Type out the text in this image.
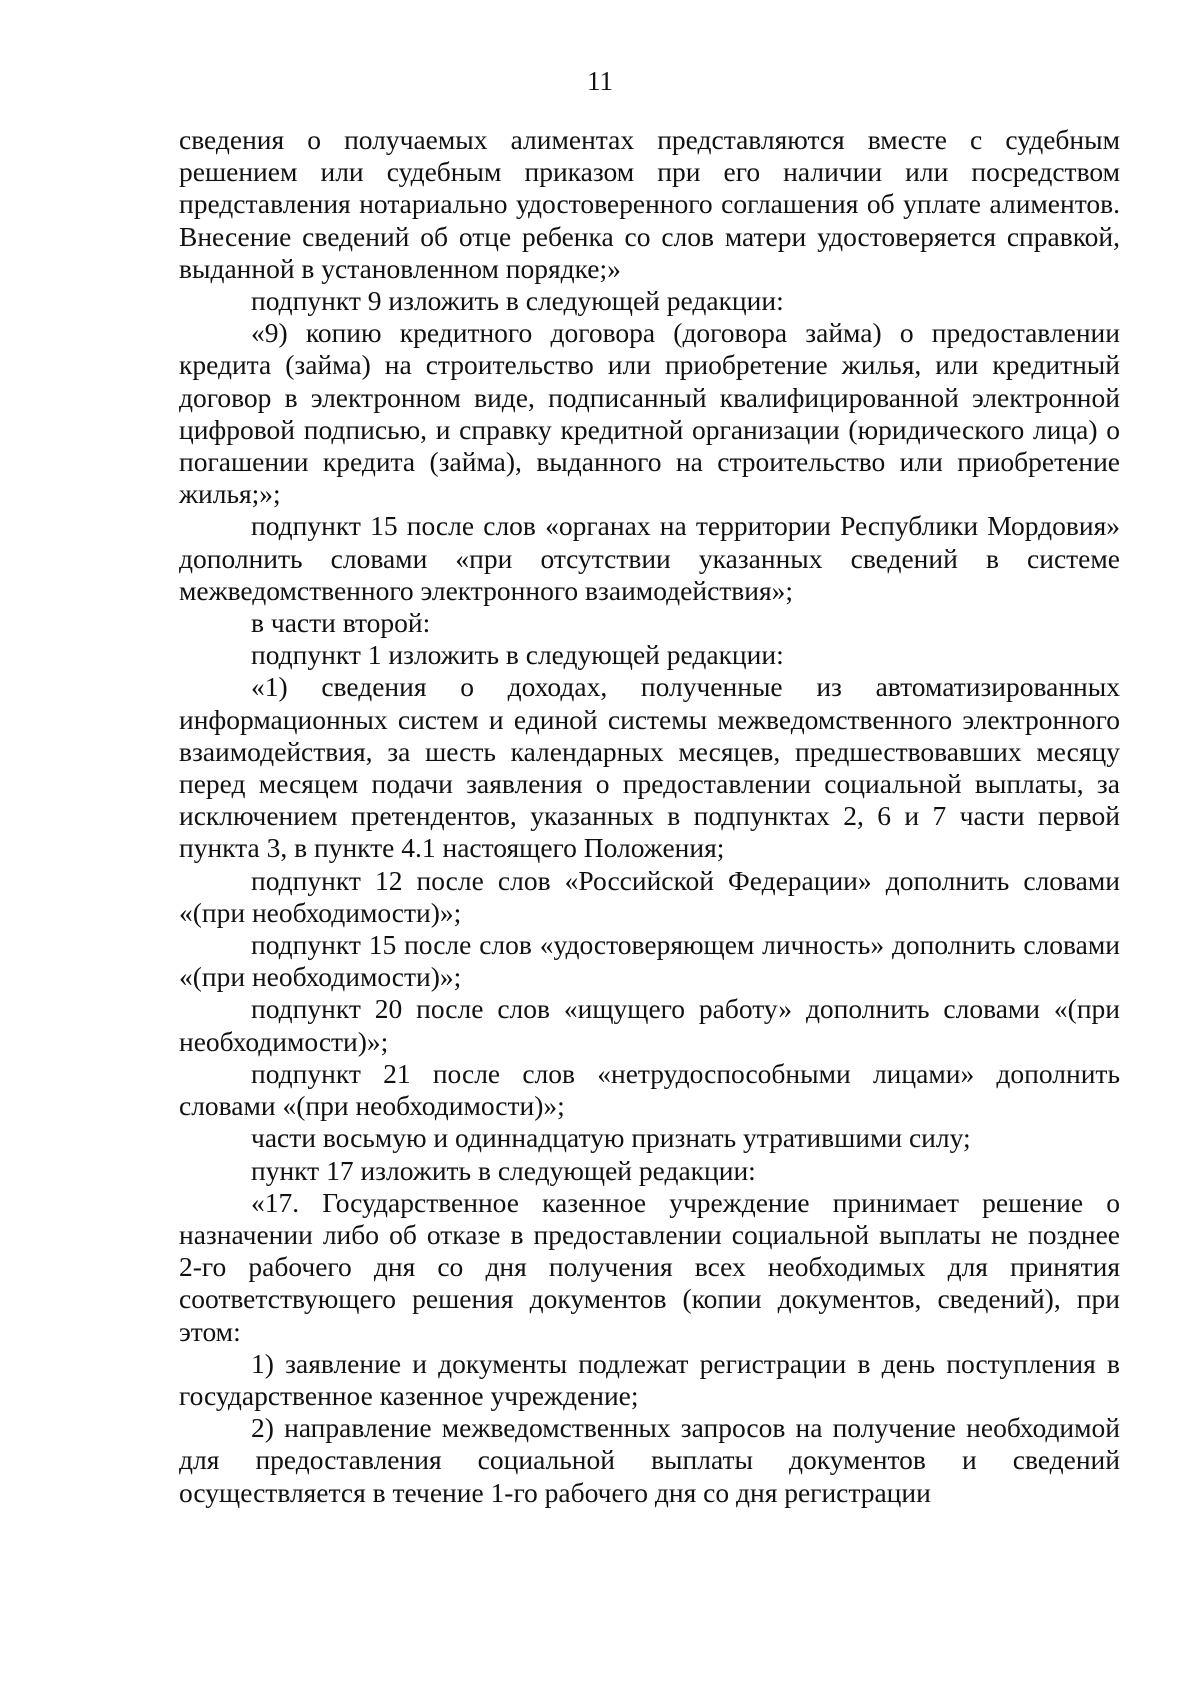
11

сведения о получаемых алиментах представляются вместе с судебным решением или судебным приказом при его наличии или посредством представления нотариально удостоверенного соглашения об уплате алиментов. Внесение сведений об отце ребенка со слов матери удостоверяется справкой, выданной в установленном порядке;»

подпункт 9 изложить в следующей редакции:

«9) копию кредитного договора (договора займа) о предоставлении кредита (займа) на строительство или приобретение жилья, или кредитный договор в электронном виде, подписанный квалифицированной электронной цифровой подписью, и справку кредитной организации (юридического лица) о погашении кредита (займа), выданного на строительство или приобретение жилья;»;

подпункт 15 после слов «органах на территории Республики Мордовия» дополнить словами «при отсутствии указанных сведений в системе межведомственного электронного взаимодействия»;

в части второй:

подпункт 1 изложить в следующей редакции:

«1) сведения о доходах, полученные из автоматизированных информационных систем и единой системы межведомственного электронного взаимодействия, за шесть календарных месяцев, предшествовавших месяцу перед месяцем подачи заявления о предоставлении социальной выплаты, за исключением претендентов, указанных в подпунктах 2, 6 и 7 части первой пункта 3, в пункте 4.1 настоящего Положения;

подпункт 12 после слов «Российской Федерации» дополнить словами «(при необходимости)»;

подпункт 15 после слов «удостоверяющем личность» дополнить словами «(при необходимости)»;

подпункт 20 после слов «ищущего работу» дополнить словами «(при необходимости)»;

подпункт 21 после слов «нетрудоспособными лицами» дополнить словами «(при необходимости)»;

части восьмую и одиннадцатую признать утратившими силу;

пункт 17 изложить в следующей редакции:

«17. Государственное казенное учреждение принимает решение о назначении либо об отказе в предоставлении социальной выплаты не позднее 2-го рабочего дня со дня получения всех необходимых для принятия соответствующего решения документов (копии документов, сведений), при этом:

1) заявление и документы подлежат регистрации в день поступления в государственное казенное учреждение;

2) направление межведомственных запросов на получение необходимой для предоставления социальной выплаты документов и сведений осуществляется в течение 1-го рабочего дня со дня регистрации
